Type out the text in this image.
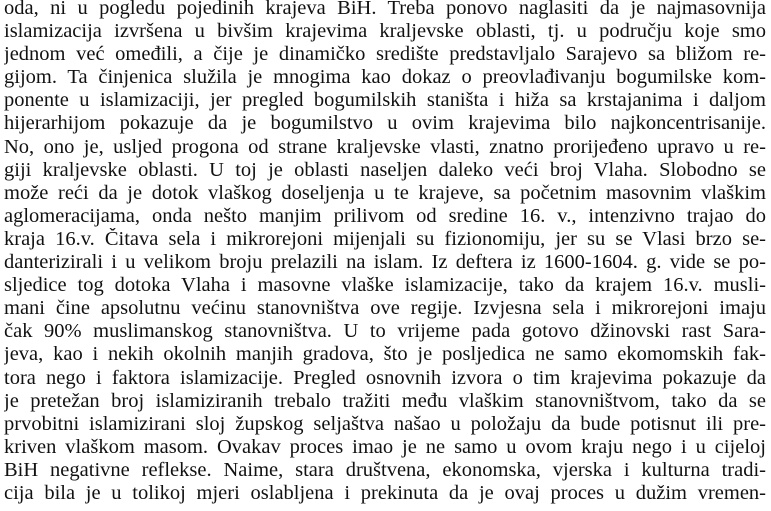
oda, ni u pogledu pojedinih krajeva BiH. Treba ponovo naglasiti da je najmasovnija
islamizacija izvršena u bivšim krajevima kraljevske oblasti, tj. u području koje smo
jednom već omeđili, a čije je dinamičko središte predstavljalo Sarajevo sa bližom re-
gijom. Ta činjenica služila je mnogima kao dokaz o preovlađivanju bogumilske kom-
ponente u islamizaciji, jer pregled bogumilskih staništa i hiža sa krstajanima i daljom
hijerarhijom pokazuje da je bogumilstvo u ovim krajevima bilo najkoncentrisanije.
No, ono je, usljed progona od strane kraljevske vlasti, znatno prorijeđeno upravo u re-
giji kraljevske oblasti. U toj je oblasti naseljen daleko veći broj Vlaha. Slobodno se
može reći da je dotok vlaškog doseljenja u te krajeve, sa početnim masovnim vlaškim
aglomeracijama, onda nešto manjim prilivom od sredine 16. v., intenzivno trajao do
kraja 16.v. Čitava sela i mikrorejoni mijenjali su fizionomiju, jer su se Vlasi brzo se-
danterizirali i u velikom broju prelazili na islam. Iz deftera iz 1600-1604. g. vide se po-
sljedice tog dotoka Vlaha i masovne vlaške islamizacije, tako da krajem 16.v. musli-
mani čine apsolutnu većinu stanovništva ove regije. Izvjesna sela i mikrorejoni imaju
čak 90% muslimanskog stanovništva. U to vrijeme pada gotovo džinovski rast Sara-
jeva, kao i nekih okolnih manjih gradova, što je posljedica ne samo ekomomskih fak-
tora nego i faktora islamizacije. Pregled osnovnih izvora o tim krajevima pokazuje da
je pretežan broj islamiziranih trebalo tražiti među vlaškim stanovništvom, tako da se
prvobitni islamizirani sloj župskog seljaštva našao u položaju da bude potisnut ili pre-
kriven vlaškom masom. Ovakav proces imao je ne samo u ovom kraju nego i u cijeloj
BiH negativne reflekse. Naime, stara društvena, ekonomska, vjerska i kulturna tradi-
cija bila je u tolikoj mjeri oslabljena i prekinuta da je ovaj proces u dužim vremen-
